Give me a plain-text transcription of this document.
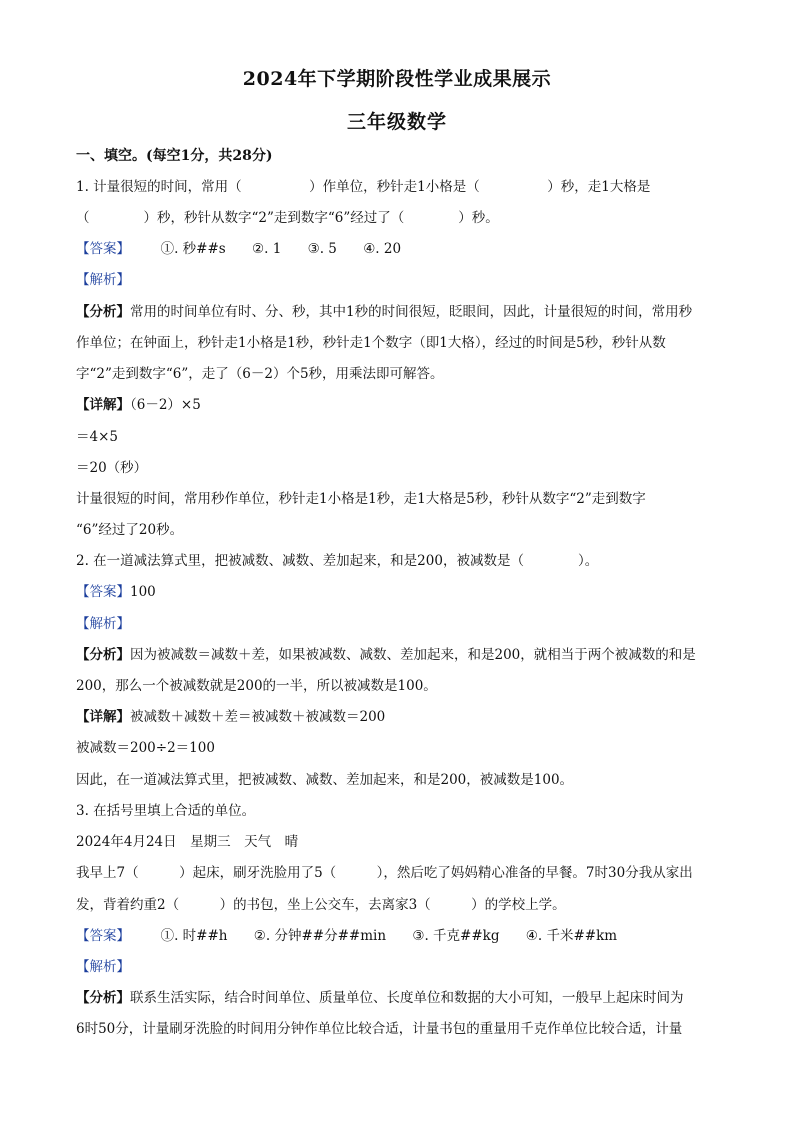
2024年下学期阶段性学业成果展示
三年级数学
一、填空。(每空1分，共28分)
1. 计量很短的时间，常用（　　　　　）作单位，秒针走1小格是（　　　　　）秒，走1大格是
（　　　　）秒，秒针从数字“2”走到数字“6”经过了（　　　　）秒。
【答案】 ①. 秒##s ②. 1 ③. 5 ④. 20
【解析】
【分析】常用的时间单位有时、分、秒，其中1秒的时间很短，眨眼间，因此，计量很短的时间，常用秒
作单位；在钟面上，秒针走1小格是1秒，秒针走1个数字（即1大格），经过的时间是5秒，秒针从数
字“2”走到数字“6”，走了（6－2）个5秒，用乘法即可解答。
【详解】（6－2）×5
＝4×5
＝20（秒）
计量很短的时间，常用秒作单位，秒针走1小格是1秒，走1大格是5秒，秒针从数字“2”走到数字
“6”经过了20秒。
2. 在一道减法算式里，把被减数、减数、差加起来，和是200，被减数是（　　　　）。
【答案】100
【解析】
【分析】因为被减数＝减数＋差，如果被减数、减数、差加起来，和是200，就相当于两个被减数的和是
200，那么一个被减数就是200的一半，所以被减数是100。
【详解】被减数＋减数＋差＝被减数＋被减数＝200
被减数＝200÷2＝100
因此，在一道减法算式里，把被减数、减数、差加起来，和是200，被减数是100。
3. 在括号里填上合适的单位。
2024年4月24日　星期三　天气　晴
我早上7（　　　）起床，刷牙洗脸用了5（　　　），然后吃了妈妈精心准备的早餐。7时30分我从家出
发，背着约重2（　　　）的书包，坐上公交车，去离家3（　　　）的学校上学。
【答案】 ①. 时##h ②. 分钟##分##min ③. 千克##kg ④. 千米##km
【解析】
【分析】联系生活实际，结合时间单位、质量单位、长度单位和数据的大小可知，一般早上起床时间为
6时50分，计量刷牙洗脸的时间用分钟作单位比较合适，计量书包的重量用千克作单位比较合适，计量
